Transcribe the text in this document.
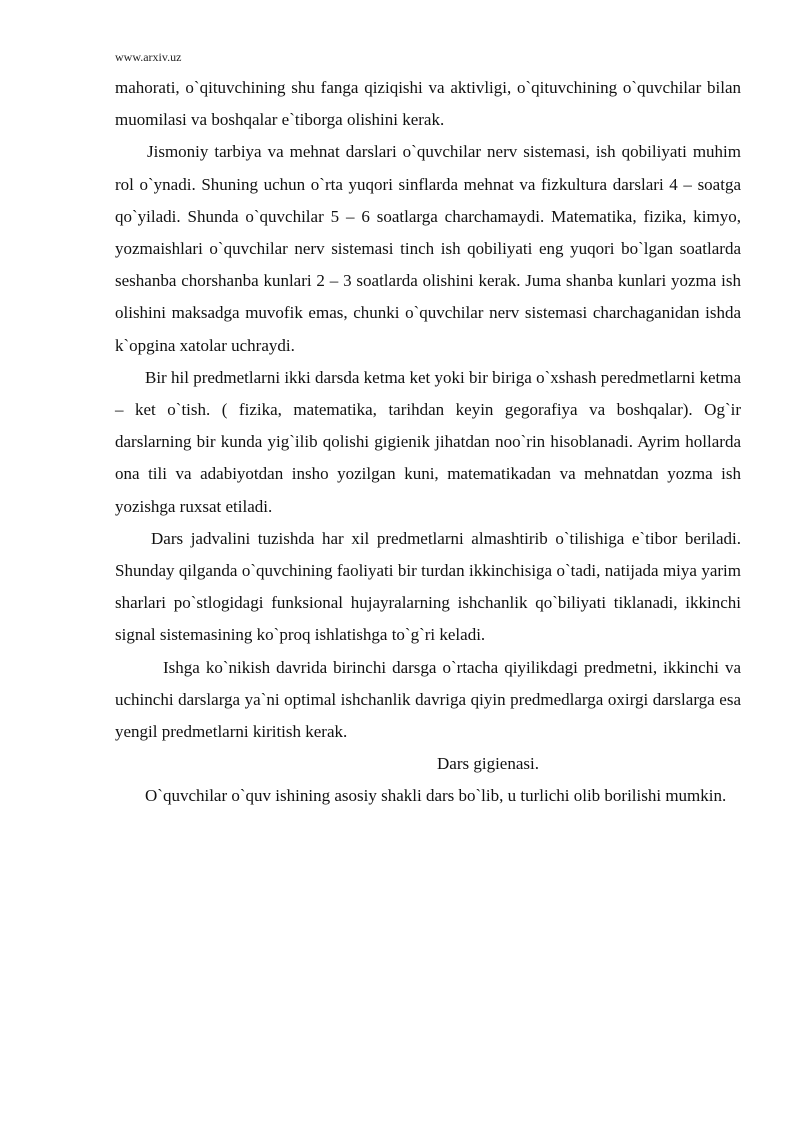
www.arxiv.uz

mahorati, o`qituvchining shu fanga qiziqishi va aktivligi, o`qituvchining o`quvchilar bilan muomilasi va boshqalar e`tiborga olishini kerak.

Jismoniy tarbiya va mehnat darslari o`quvchilar nerv sistemasi, ish qobiliyati muhim rol o`ynadi. Shuning uchun o`rta yuqori sinflarda mehnat va fizkultura darslari 4 – soatga qo`yiladi. Shunda o`quvchilar 5 – 6 soatlarga charchamaydi. Matematika, fizika, kimyo, yozmaishlari o`quvchilar nerv sistemasi tinch ish qobiliyati eng yuqori bo`lgan soatlarda seshanba chorshanba kunlari 2 – 3 soatlarda olishini kerak. Juma shanba kunlari yozma ish olishini maksadga muvofik emas, chunki o`quvchilar nerv sistemasi charchaganidan ishda k`opgina xatolar uchraydi.

Bir hil predmetlarni ikki darsda ketma ket yoki bir biriga o`xshash peredmetlarni ketma – ket o`tish. ( fizika, matematika, tarihdan keyin gegorafiya va boshqalar). Og`ir darslarning bir kunda yig`ilib qolishi gigienik jihatdan noo`rin hisoblanadi. Ayrim hollarda ona tili va adabiyotdan insho yozilgan kuni, matematikadan va mehnatdan yozma ish yozishga ruxsat etiladi.

Dars jadvalini tuzishda har xil predmetlarni almashtirib o`tilishiga e`tibor beriladi. Shunday qilganda o`quvchining faoliyati bir turdan ikkinchisiga o`tadi, natijada miya yarim sharlari po`stlogidagi funksional hujayralarning ishchanlik qo`biliyati tiklanadi, ikkinchi signal sistemasining ko`proq ishlatishga to`g`ri keladi.

Ishga ko`nikish davrida birinchi darsga o`rtacha qiyilikdagi predmetni, ikkinchi va uchinchi darslarga ya`ni optimal ishchanlik davriga qiyin predmedlarga oxirgi darslarga esa yengil predmetlarni kiritish kerak.

Dars gigienasi.

O`quvchilar o`quv ishining asosiy shakli dars bo`lib, u turlichi olib borilishi mumkin.
